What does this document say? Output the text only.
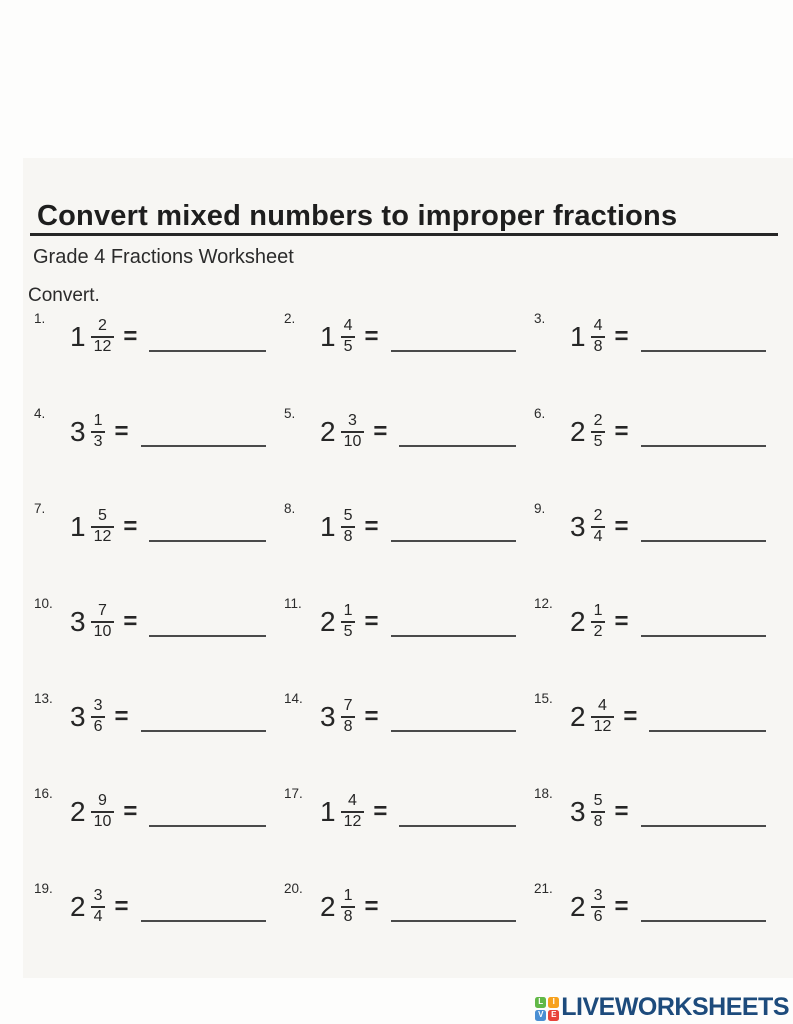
Convert mixed numbers to improper fractions
Grade 4 Fractions Worksheet
Convert.
1.
$1 \frac{2}{12}$ =
2.
$1 \frac{4}{5}$ =
3.
$1 \frac{4}{8}$ =
4.
$3 \frac{1}{3}$ =
5.
$2 \frac{3}{10}$ =
6.
$2 \frac{2}{5}$ =
7.
$1 \frac{5}{12}$ =
8.
$1 \frac{5}{8}$ =
9.
$3 \frac{2}{4}$ =
10.
$3 \frac{7}{10}$ =
11.
$2 \frac{1}{5}$ =
12.
$2 \frac{1}{2}$ =
13.
$3 \frac{3}{6}$ =
14.
$3 \frac{7}{8}$ =
15.
$2 \frac{4}{12}$ =
16.
$2 \frac{9}{10}$ =
17.
$1 \frac{4}{12}$ =
18.
$3 \frac{5}{8}$ =
19.
$2 \frac{3}{4}$ =
20.
$2 \frac{1}{8}$ =
21.
$2 \frac{3}{6}$ =
L	I
V E LIVEWORKSHEETS
